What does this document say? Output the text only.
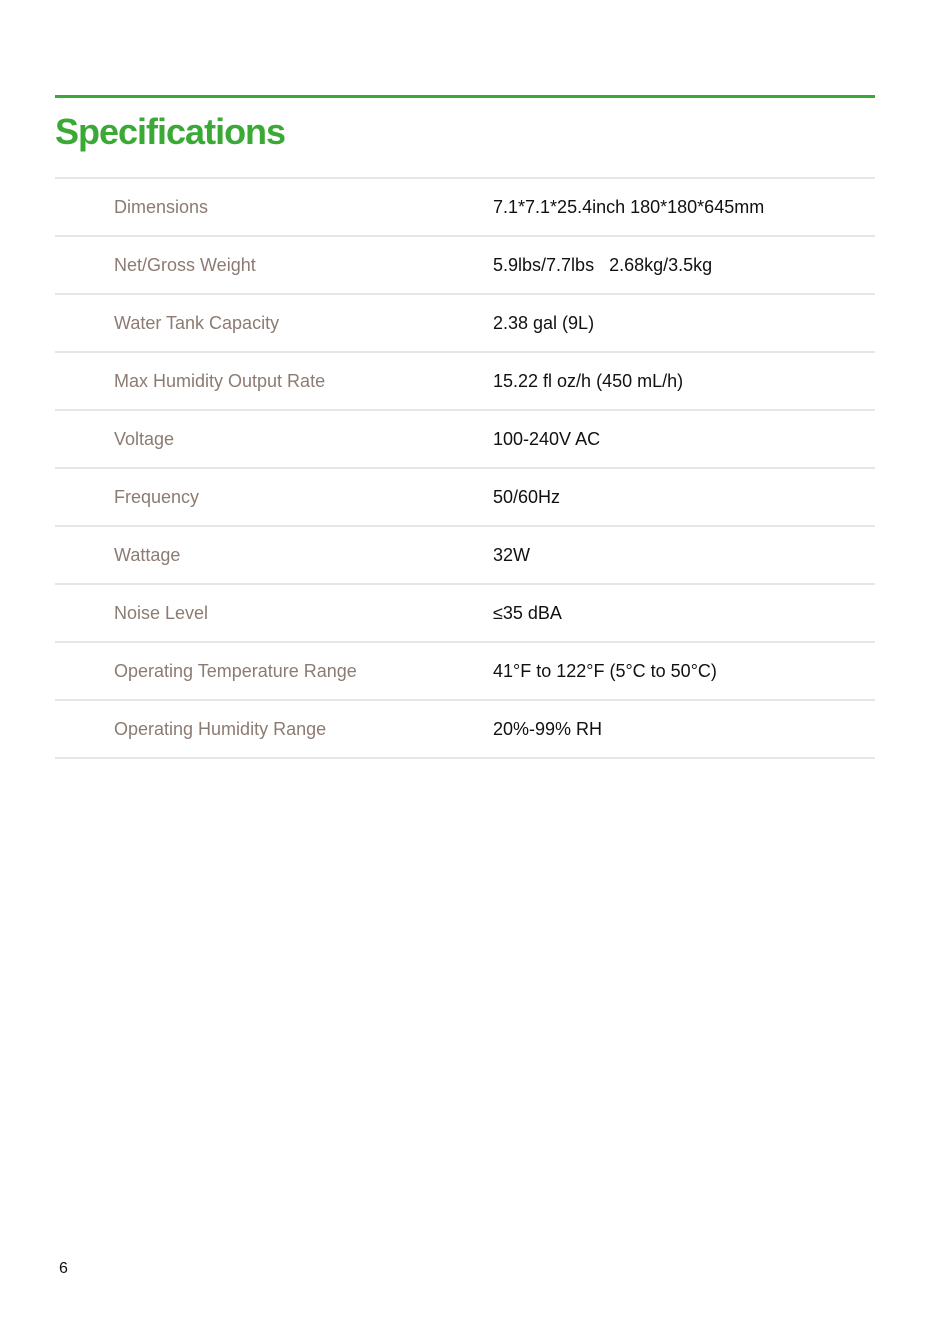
Specifications
Dimensions	7.1*7.1*25.4inch 180*180*645mm
Net/Gross Weight	5.9lbs/7.7lbs   2.68kg/3.5kg
Water Tank Capacity	2.38 gal (9L)
Max Humidity Output Rate	15.22 fl oz/h (450 mL/h)
Voltage	100-240V AC
Frequency	50/60Hz
Wattage	32W
Noise Level	≤35 dBA
Operating Temperature Range	41°F to 122°F (5°C to 50°C)
Operating Humidity Range	20%-99% RH
6
